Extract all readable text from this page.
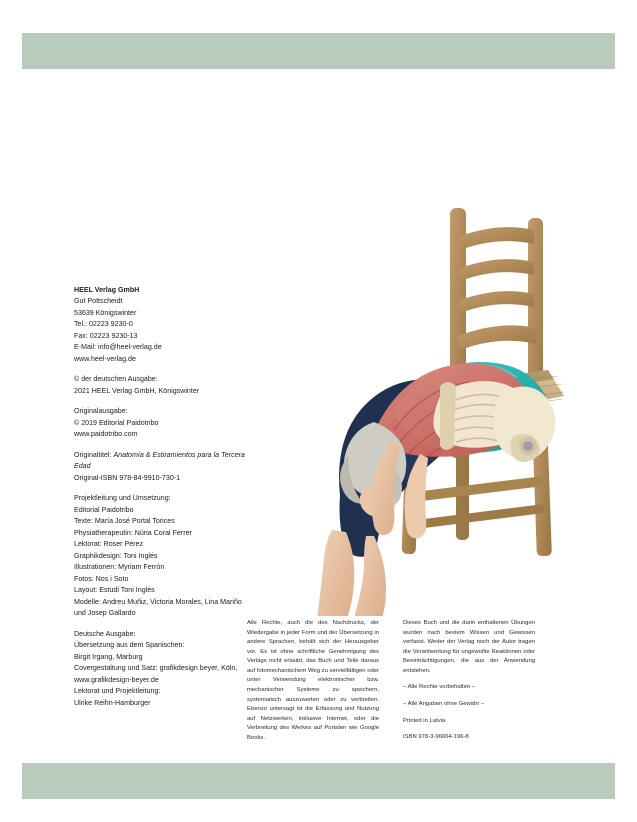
HEEL Verlag GmbH
Gut Pottscheidt
53639 Königswinter
Tel.: 02223 9230-0
Fax: 02223 9230-13
E-Mail: info@heel-verlag.de
www.heel-verlag.de
© der deutschen Ausgabe:
2021 HEEL Verlag GmbH, Königswinter
Originalausgabe:
© 2019 Editorial Paidotribo
www.paidotribo.com
Originaltitel: Anatomía & Estiramientos para la Tercera Edad
Original-ISBN 978-84-9910-730-1
Projektleitung und Umsetzung:
Editorial Paidotribo
Texte: María José Portal Torices
Physiatherapeutin: Núria Coral Ferrer
Lektorat: Roser Pérez
Graphikdesign: Toni Inglés
Illustrationen: Myriam Ferrón
Fotos: Nos i Soto
Layout: Estudi Toni Inglés
Modelle: Andreu Muñiz, Victoria Morales, Lina Mariño und Josep Gallardo
Deutsche Ausgabe:
Übersetzung aus dem Spanischen:
Birgit Irgang, Marburg
Covergestaltung und Satz: grafikdesign beyer, Köln, www.grafikdesign-beyer.de
Lektorat und Projektleitung:
Ulrike Reihn-Hamburger

Alle Rechte, auch die des Nachdrucks, der Wiedergabe in jeder Form und der Übersetzung in andere Sprachen, behält sich der Herausgeber vor. Es ist ohne schriftliche Genehmigung des Verlags nicht erlaubt, das Buch und Teile daraus auf fotomechanischem Weg zu vervielfältigen oder unter Verwendung elektronischer bzw. mechanischer Systeme zu speichern, systematisch auszuwerten oder zu verbreiten. Ebenso untersagt ist die Erfassung und Nutzung auf Netzwerken, inklusive Internet, oder die Verbreitung des Werkes auf Portalen wie Google Books.

Dieses Buch und die darin enthaltenen Übungen wurden nach bestem Wissen und Gewissen verfasst. Weder der Verlag noch der Autor tragen die Verantwortung für ungewollte Reaktionen oder Beeinträchtigungen, die aus der Anwendung entstehen.

– Alle Rechte vorbehalten –

– Alle Angaben ohne Gewähr –

Printed in Latvia

ISBN 978-3-96664-196-8
